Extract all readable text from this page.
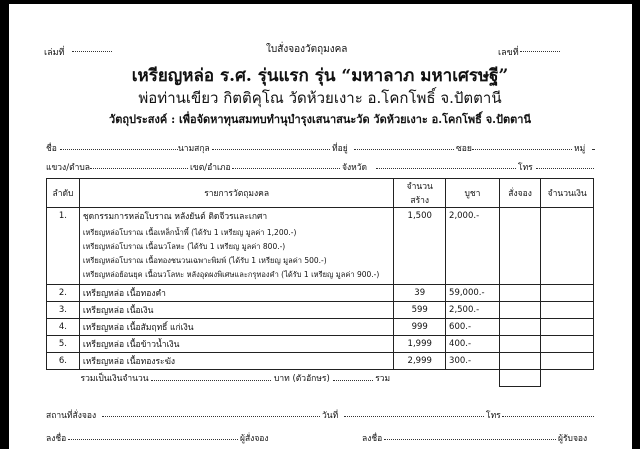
เล่มที่	ใบสั่งจองวัตถุมงคล	เลขที่
เหรียญหล่อ ร.ศ. รุ่นแรก รุ่น “มหาลาภ มหาเศรษฐี”
พ่อท่านเขียว กิตติคุโณ วัดห้วยเงาะ อ.โคกโพธิ์ จ.ปัตตานี
วัตถุประสงค์ : เพื่อจัดหาทุนสมทบทำนุบำรุงเสนาสนะวัด วัดห้วยเงาะ อ.โคกโพธิ์ จ.ปัตตานี
ชื่อ	นามสกุล	ที่อยู่	ซอย	หมู่
แขวง/ตำบล	เขต/อำเภอ	จังหวัด	โทร
ลำดับ	รายการวัตถุมงคล	จำนวนสร้าง	บูชา	สั่งจอง	จำนวนเงิน
1.	ชุดกรรมการหล่อโบราณ หลังยันต์ ติดจีวรและเกศา	1,500	2,000.-		

	เหรียญหล่อโบราณ เนื้อเหล็กน้ำพี้ (ได้รับ 1 เหรียญ มูลค่า 1,200.-)
เหรียญหล่อโบราณ เนื้อนวโลหะ (ได้รับ 1 เหรียญ มูลค่า 800.-)
เหรียญหล่อโบราณ เนื้อทองชนวนเฉพาะพิมพ์ (ได้รับ 1 เหรียญ มูลค่า 500.-)
เหรียญหล่อย้อนยุค เนื้อนวโลหะ หลังอุดผงพิเศษและกรุทองคำ (ได้รับ 1 เหรียญ มูลค่า 900.-)				

2.	เหรียญหล่อ เนื้อทองคำ	39	59,000.-		
3.	เหรียญหล่อ เนื้อเงิน	599	2,500.-		
4.	เหรียญหล่อ เนื้อสัมฤทธิ์ แก่เงิน	999	600.-		
5.	เหรียญหล่อ เนื้อข้าวน้ำเงิน	1,999	400.-		
6.	เหรียญหล่อ เนื้อทองระฆัง	2,999	300.-		
รวมเป็นเงินจำนวน บาท (ตัวอักษร) รวม					
สถานที่สั่งจอง	วันที่	โทร
ลงชื่อ	ผู้สั่งจอง	ลงชื่อ	ผู้รับจอง
